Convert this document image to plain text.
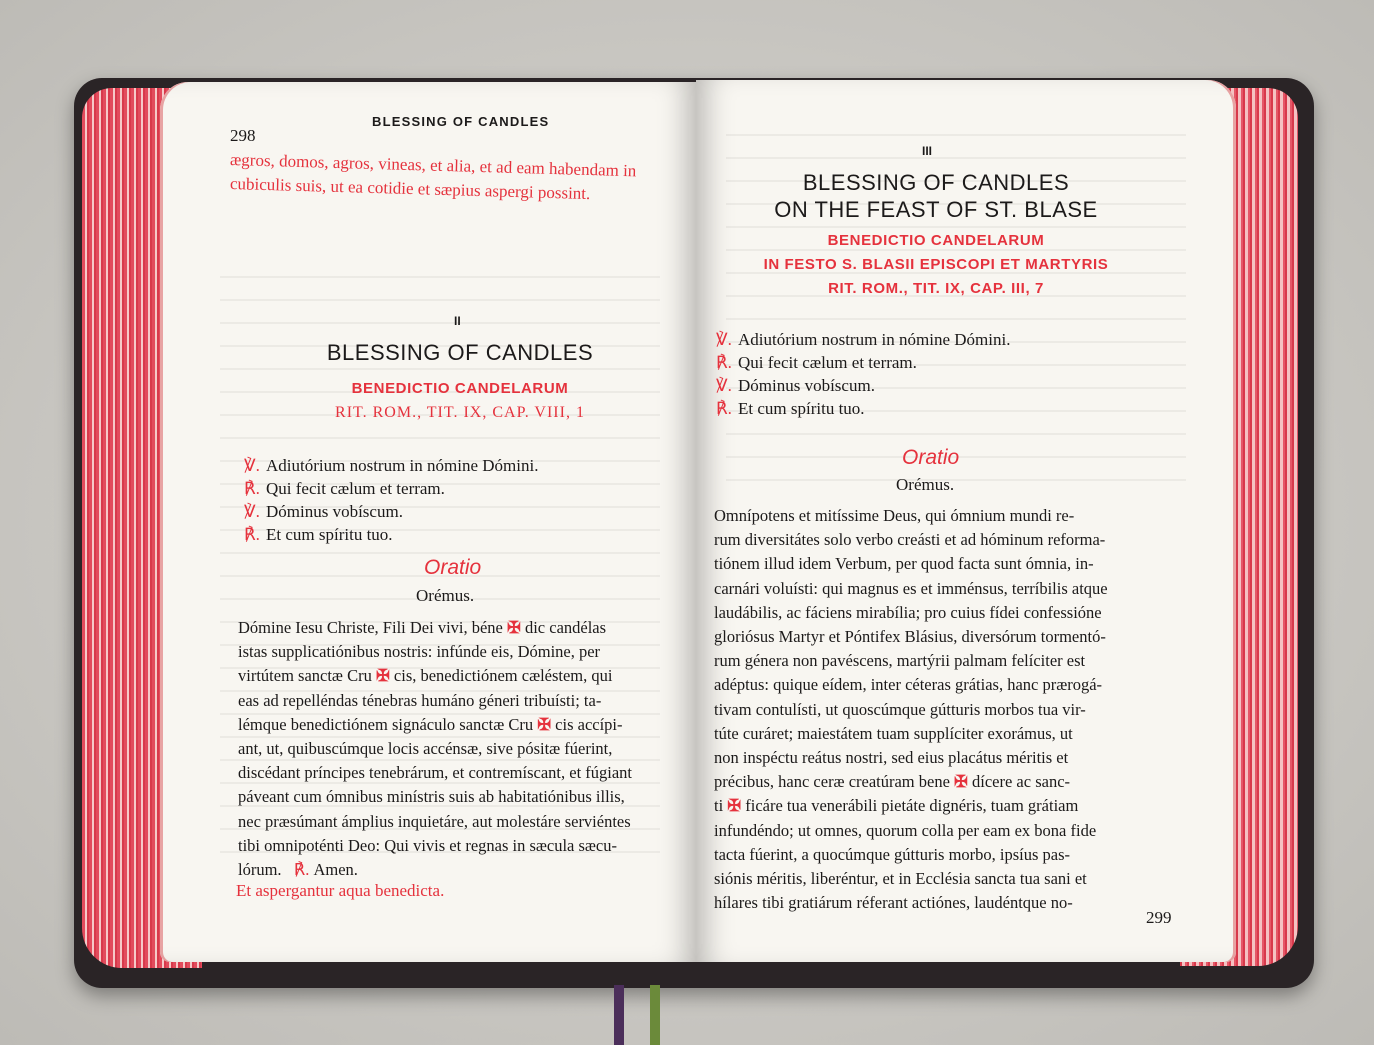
298
BLESSING OF CANDLES
ægros, domos, agros, vineas, et alia, et ad eam habendam in
cubiculis suis, ut ea cotidie et sæpius aspergi possint.
II
BLESSING OF CANDLES
BENEDICTIO CANDELARUM
RIT. ROM., TIT. IX, CAP. VIII, 1
℣. Adiutórium nostrum in nómine Dómini.
℟. Qui fecit cælum et terram.
℣. Dóminus vobíscum.
℟. Et cum spíritu tuo.
Oratio
Orémus.
Dómine Iesu Christe, Fili Dei vivi, béne ✠ dic candélas
istas supplicatiónibus nostris: infúnde eis, Dómine, per
virtútem sanctæ Cru ✠ cis, benedictiónem cæléstem, qui
eas ad repelléndas ténebras humáno géneri tribuísti; ta-
lémque benedictiónem signáculo sanctæ Cru ✠ cis accípi-
ant, ut, quibuscúmque locis accénsæ, sive pósitæ fúerint,
discédant príncipes tenebrárum, et contremíscant, et fúgiant
páveant cum ómnibus minístris suis ab habitatiónibus illis,
nec præsúmant ámplius inquietáre, aut molestáre serviéntes
tibi omnipoténti Deo: Qui vivis et regnas in sæcula sæcu-
lórum. ℟. Amen.
Et aspergantur aqua benedicta.
III
BLESSING OF CANDLES
ON THE FEAST OF ST. BLASE
BENEDICTIO CANDELARUM
IN FESTO S. BLASII EPISCOPI ET MARTYRIS
RIT. ROM., TIT. IX, CAP. III, 7
℣. Adiutórium nostrum in nómine Dómini.
℟. Qui fecit cælum et terram.
℣. Dóminus vobíscum.
℟. Et cum spíritu tuo.
Oratio
Orémus.
Omnípotens et mitíssime Deus, qui ómnium mundi re-
rum diversitátes solo verbo creásti et ad hóminum reforma-
tiónem illud idem Verbum, per quod facta sunt ómnia, in-
carnári voluísti: qui magnus es et imménsus, terríbilis atque
laudábilis, ac fáciens mirabília; pro cuius fídei confessióne
gloriósus Martyr et Póntifex Blásius, diversórum tormentó-
rum génera non pavéscens, martýrii palmam felíciter est
adéptus: quique eídem, inter céteras grátias, hanc prærogá-
tivam contulísti, ut quoscúmque gútturis morbos tua vir-
túte curáret; maiestátem tuam supplíciter exorámus, ut
non inspéctu reátus nostri, sed eius placátus méritis et
précibus, hanc ceræ creatúram bene ✠ dícere ac sanc-
ti ✠ ficáre tua venerábili pietáte dignéris, tuam grátiam
infundéndo; ut omnes, quorum colla per eam ex bona fide
tacta fúerint, a quocúmque gútturis morbo, ipsíus pas-
siónis méritis, liberéntur, et in Ecclésia sancta tua sani et
hílares tibi gratiárum réferant actiónes, laudéntque no-
299
